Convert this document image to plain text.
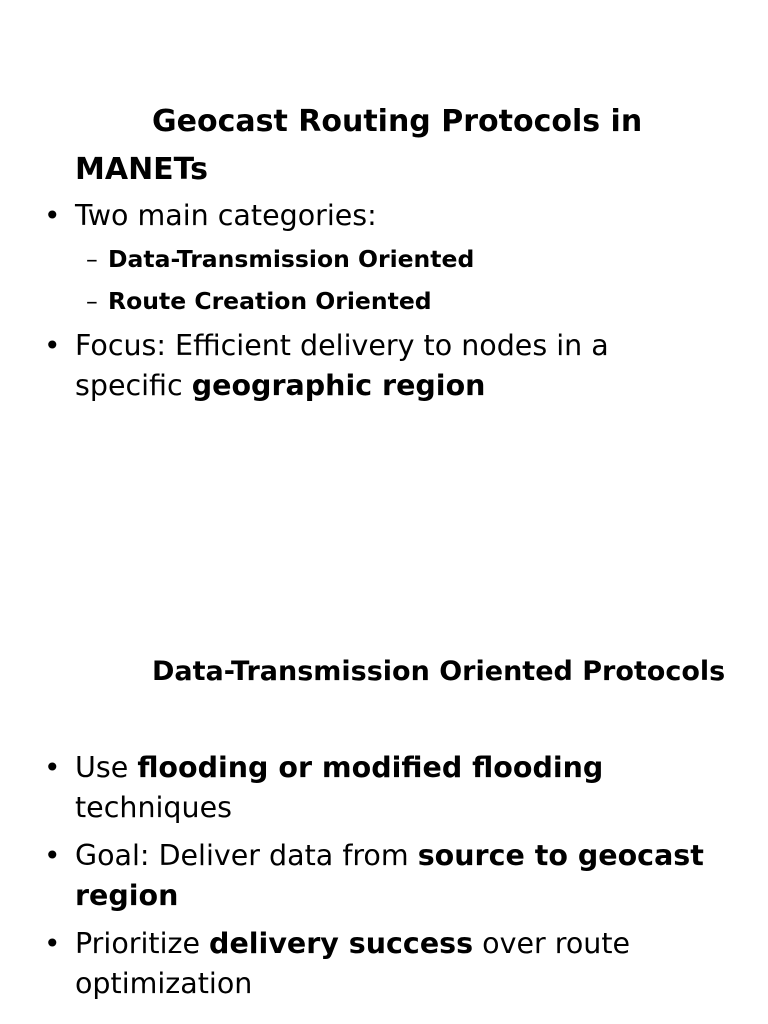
Geocast Routing Protocols in MANETs
• Two main categories:
– Data-Transmission Oriented
– Route Creation Oriented
• Focus: Efficient delivery to nodes in a specific geographic region
Data-Transmission Oriented Protocols
• Use flooding or modified flooding techniques
• Goal: Deliver data from source to geocast region
• Prioritize delivery success over route optimization
